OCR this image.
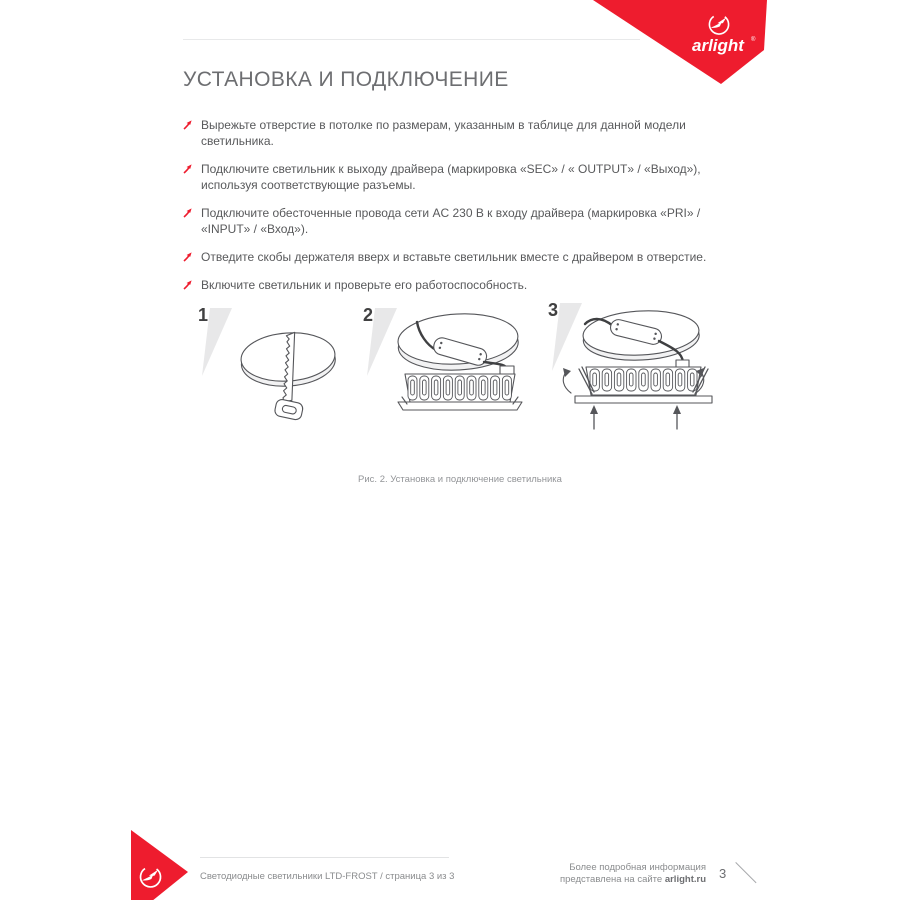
arlight ®
УСТАНОВКА И ПОДКЛЮЧЕНИЕ
Вырежьте отверстие в потолке по размерам, указанным в таблице для данной модели светильника.
Подключите светильник к выходу драйвера (маркировка «SEC» / « OUTPUT» / «Выход»), используя соответствующие разъемы.
Подключите обесточенные провода сети AC 230 В к входу драйвера (маркировка «PRI» / «INPUT» / «Вход»).
Отведите скобы держателя вверх и вставьте светильник вместе с драйвером в отверстие.
Включите светильник и проверьте его работоспособность.
1	2	3
Рис. 2. Установка и подключение светильника
Светодиодные светильники LTD-FROST / страница 3 из 3
Более подробная информация
представлена на сайте arlight.ru 3
